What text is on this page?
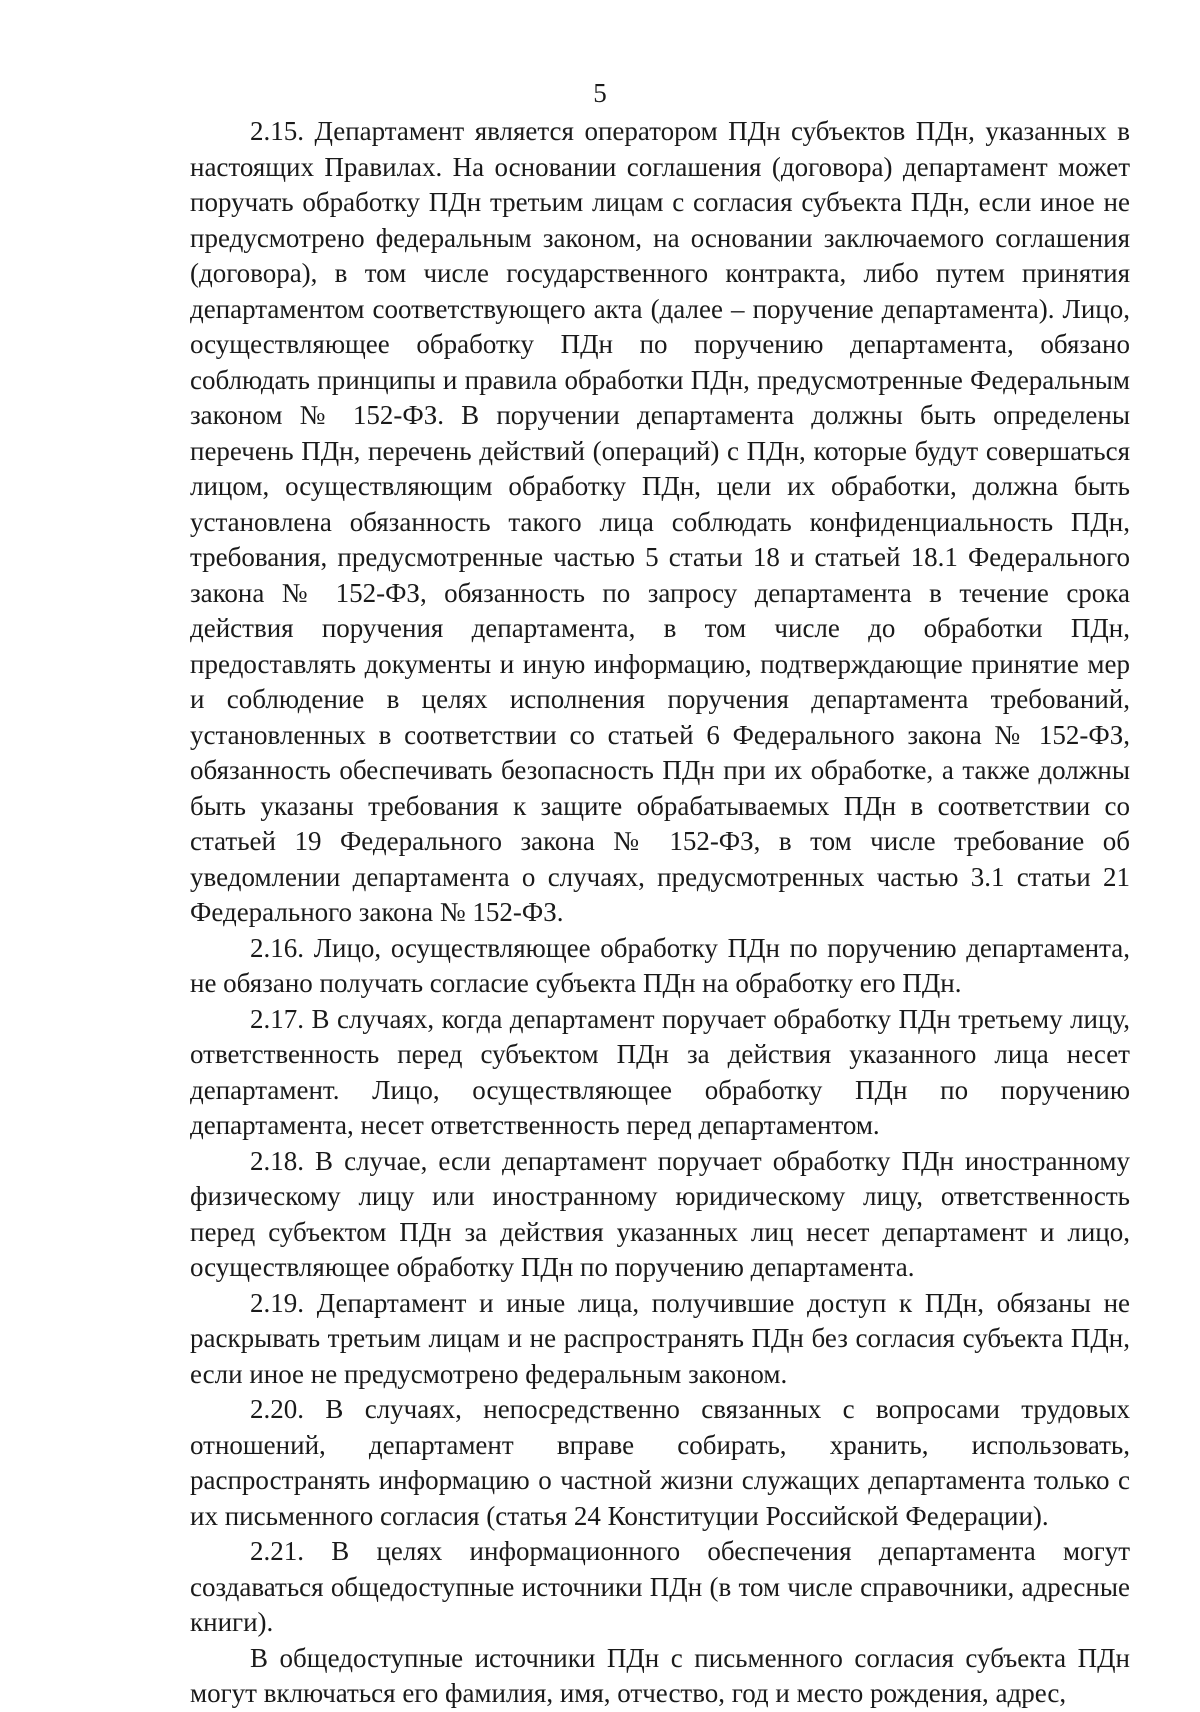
5

2.15. Департамент является оператором ПДн субъектов ПДн, указанных в настоящих Правилах. На основании соглашения (договора) департамент может поручать обработку ПДн третьим лицам с согласия субъекта ПДн, если иное не предусмотрено федеральным законом, на основании заключаемого соглашения (договора), в том числе государственного контракта, либо путем принятия департаментом соответствующего акта (далее – поручение департамента). Лицо, осуществляющее обработку ПДн по поручению департамента, обязано соблюдать принципы и правила обработки ПДн, предусмотренные Федеральным законом № 152-ФЗ. В поручении департамента должны быть определены перечень ПДн, перечень действий (операций) с ПДн, которые будут совершаться лицом, осуществляющим обработку ПДн, цели их обработки, должна быть установлена обязанность такого лица соблюдать конфиденциальность ПДн, требования, предусмотренные частью 5 статьи 18 и статьей 18.1 Федерального закона № 152-ФЗ, обязанность по запросу департамента в течение срока действия поручения департамента, в том числе до обработки ПДн, предоставлять документы и иную информацию, подтверждающие принятие мер и соблюдение в целях исполнения поручения департамента требований, установленных в соответствии со статьей 6 Федерального закона № 152-ФЗ, обязанность обеспечивать безопасность ПДн при их обработке, а также должны быть указаны требования к защите обрабатываемых ПДн в соответствии со статьей 19 Федерального закона № 152-ФЗ, в том числе требование об уведомлении департамента о случаях, предусмотренных частью 3.1 статьи 21 Федерального закона № 152-ФЗ.

2.16. Лицо, осуществляющее обработку ПДн по поручению департамента, не обязано получать согласие субъекта ПДн на обработку его ПДн.

2.17. В случаях, когда департамент поручает обработку ПДн третьему лицу, ответственность перед субъектом ПДн за действия указанного лица несет департамент. Лицо, осуществляющее обработку ПДн по поручению департамента, несет ответственность перед департаментом.

2.18. В случае, если департамент поручает обработку ПДн иностранному физическому лицу или иностранному юридическому лицу, ответственность перед субъектом ПДн за действия указанных лиц несет департамент и лицо, осуществляющее обработку ПДн по поручению департамента.

2.19. Департамент и иные лица, получившие доступ к ПДн, обязаны не раскрывать третьим лицам и не распространять ПДн без согласия субъекта ПДн, если иное не предусмотрено федеральным законом.

2.20. В случаях, непосредственно связанных с вопросами трудовых отношений, департамент вправе собирать, хранить, использовать, распространять информацию о частной жизни служащих департамента только с их письменного согласия (статья 24 Конституции Российской Федерации).

2.21. В целях информационного обеспечения департамента могут создаваться общедоступные источники ПДн (в том числе справочники, адресные книги).

В общедоступные источники ПДн с письменного согласия субъекта ПДн могут включаться его фамилия, имя, отчество, год и место рождения, адрес,
